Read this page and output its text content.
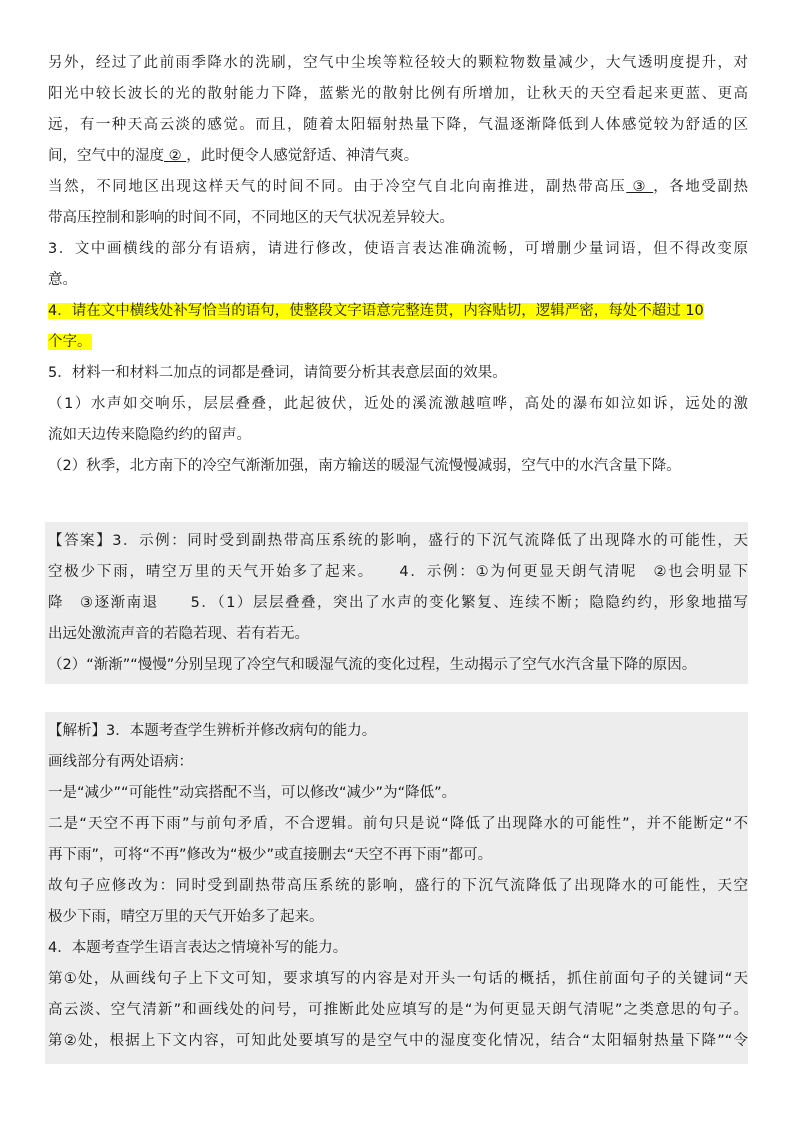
另外，经过了此前雨季降水的洗刷，空气中尘埃等粒径较大的颗粒物数量减少，大气透明度提升，对
阳光中较长波长的光的散射能力下降，蓝紫光的散射比例有所增加，让秋天的天空看起来更蓝、更高
远，有一种天高云淡的感觉。而且，随着太阳辐射热量下降，气温逐渐降低到人体感觉较为舒适的区
间，空气中的湿度 ② ，此时便令人感觉舒适、神清气爽。
当然，不同地区出现这样天气的时间不同。由于冷空气自北向南推进，副热带高压 ③ ，各地受副热
带高压控制和影响的时间不同，不同地区的天气状况差异较大。
3．文中画横线的部分有语病，请进行修改，使语言表达准确流畅，可增删少量词语，但不得改变原
意。
4．请在文中横线处补写恰当的语句，使整段文字语意完整连贯，内容贴切，逻辑严密，每处不超过 10
个字。
5．材料一和材料二加点的词都是叠词，请简要分析其表意层面的效果。
（1）水声如交响乐，层层叠叠，此起彼伏，近处的溪流激越喧哗，高处的瀑布如泣如诉，远处的激
流如天边传来隐隐约约的留声。
（2）秋季，北方南下的冷空气渐渐加强，南方输送的暖湿气流慢慢减弱，空气中的水汽含量下降。
【答案】3．示例：同时受到副热带高压系统的影响，盛行的下沉气流降低了出现降水的可能性，天
空极少下雨，晴空万里的天气开始多了起来。　　4．示例：①为何更显天朗气清呢　②也会明显下
降　③逐渐南退　　5．（1）层层叠叠，突出了水声的变化繁复、连续不断；隐隐约约，形象地描写
出远处激流声音的若隐若现、若有若无。
（2）“渐渐”“慢慢”分别呈现了冷空气和暖湿气流的变化过程，生动揭示了空气水汽含量下降的原因。
【解析】3．本题考查学生辨析并修改病句的能力。
画线部分有两处语病：
一是“减少”“可能性”动宾搭配不当，可以修改“减少”为“降低”。
二是“天空不再下雨”与前句矛盾，不合逻辑。前句只是说“降低了出现降水的可能性”，并不能断定“不
再下雨”，可将“不再”修改为“极少”或直接删去“天空不再下雨”都可。
故句子应修改为：同时受到副热带高压系统的影响，盛行的下沉气流降低了出现降水的可能性，天空
极少下雨，晴空万里的天气开始多了起来。
4．本题考查学生语言表达之情境补写的能力。
第①处，从画线句子上下文可知，要求填写的内容是对开头一句话的概括，抓住前面句子的关键词“天
高云淡、空气清新”和画线处的问号，可推断此处应填写的是“为何更显天朗气清呢”之类意思的句子。
第②处，根据上下文内容，可知此处要填写的是空气中的湿度变化情况，结合“太阳辐射热量下降”“令
